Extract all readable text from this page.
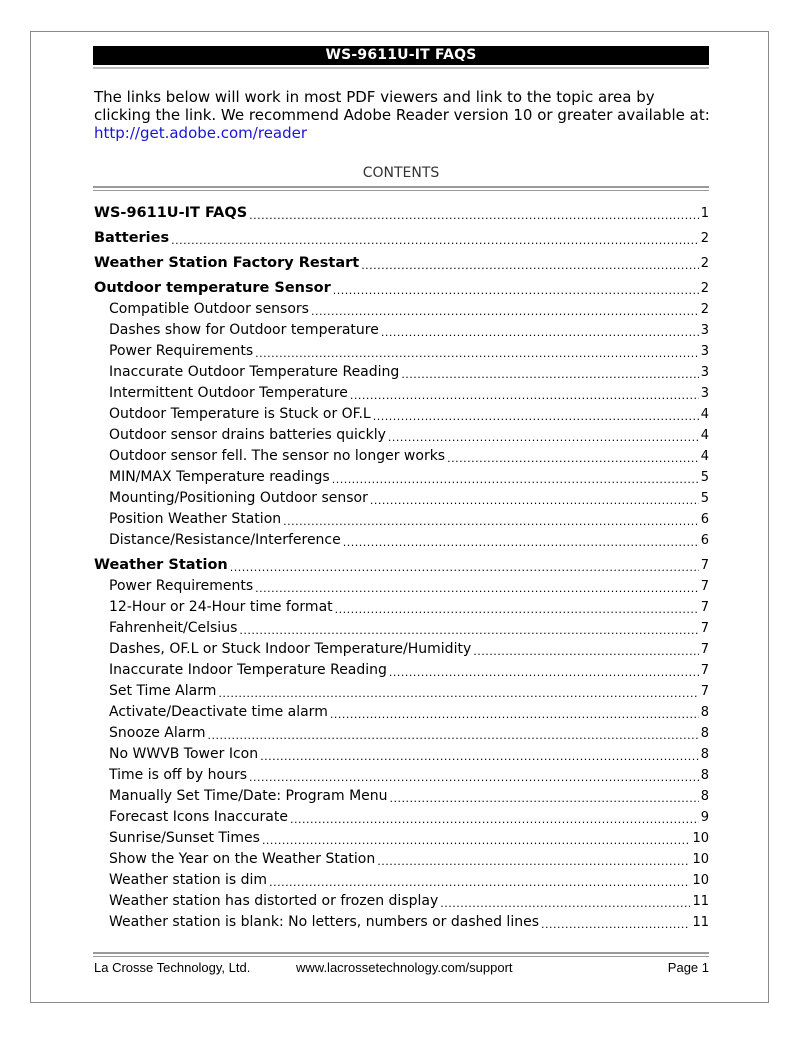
WS-9611U-IT FAQS
The links below will work in most PDF viewers and link to the topic area by clicking the link. We recommend Adobe Reader version 10 or greater available at:
http://get.adobe.com/reader
CONTENTS
WS-9611U-IT FAQS .....	1
Batteries .....	2
Weather Station Factory Restart .....	2
Outdoor temperature Sensor .....	2
Compatible Outdoor sensors .....	2
Dashes show for Outdoor temperature .....	3
Power Requirements .....	3
Inaccurate Outdoor Temperature Reading .....	3
Intermittent Outdoor Temperature .....	3
Outdoor Temperature is Stuck or OF.L .....	4
Outdoor sensor drains batteries quickly .....	4
Outdoor sensor fell. The sensor no longer works .....	4
MIN/MAX Temperature readings .....	5
Mounting/Positioning Outdoor sensor .....	5
Position Weather Station .....	6
Distance/Resistance/Interference .....	6
Weather Station .....	7
Power Requirements .....	7
12-Hour or 24-Hour time format .....	7
Fahrenheit/Celsius .....	7
Dashes, OF.L or Stuck Indoor Temperature/Humidity .....	7
Inaccurate Indoor Temperature Reading .....	7
Set Time Alarm .....	7
Activate/Deactivate time alarm .....	8
Snooze Alarm .....	8
No WWVB Tower Icon .....	8
Time is off by hours .....	8
Manually Set Time/Date: Program Menu .....	8
Forecast Icons Inaccurate .....	9
Sunrise/Sunset Times .....	10
Show the Year on the Weather Station .....	10
Weather station is dim .....	10
Weather station has distorted or frozen display .....	11
Weather station is blank: No letters, numbers or dashed lines .....	11
La Crosse Technology, Ltd.	www.lacrossetechnology.com/support	Page 1
